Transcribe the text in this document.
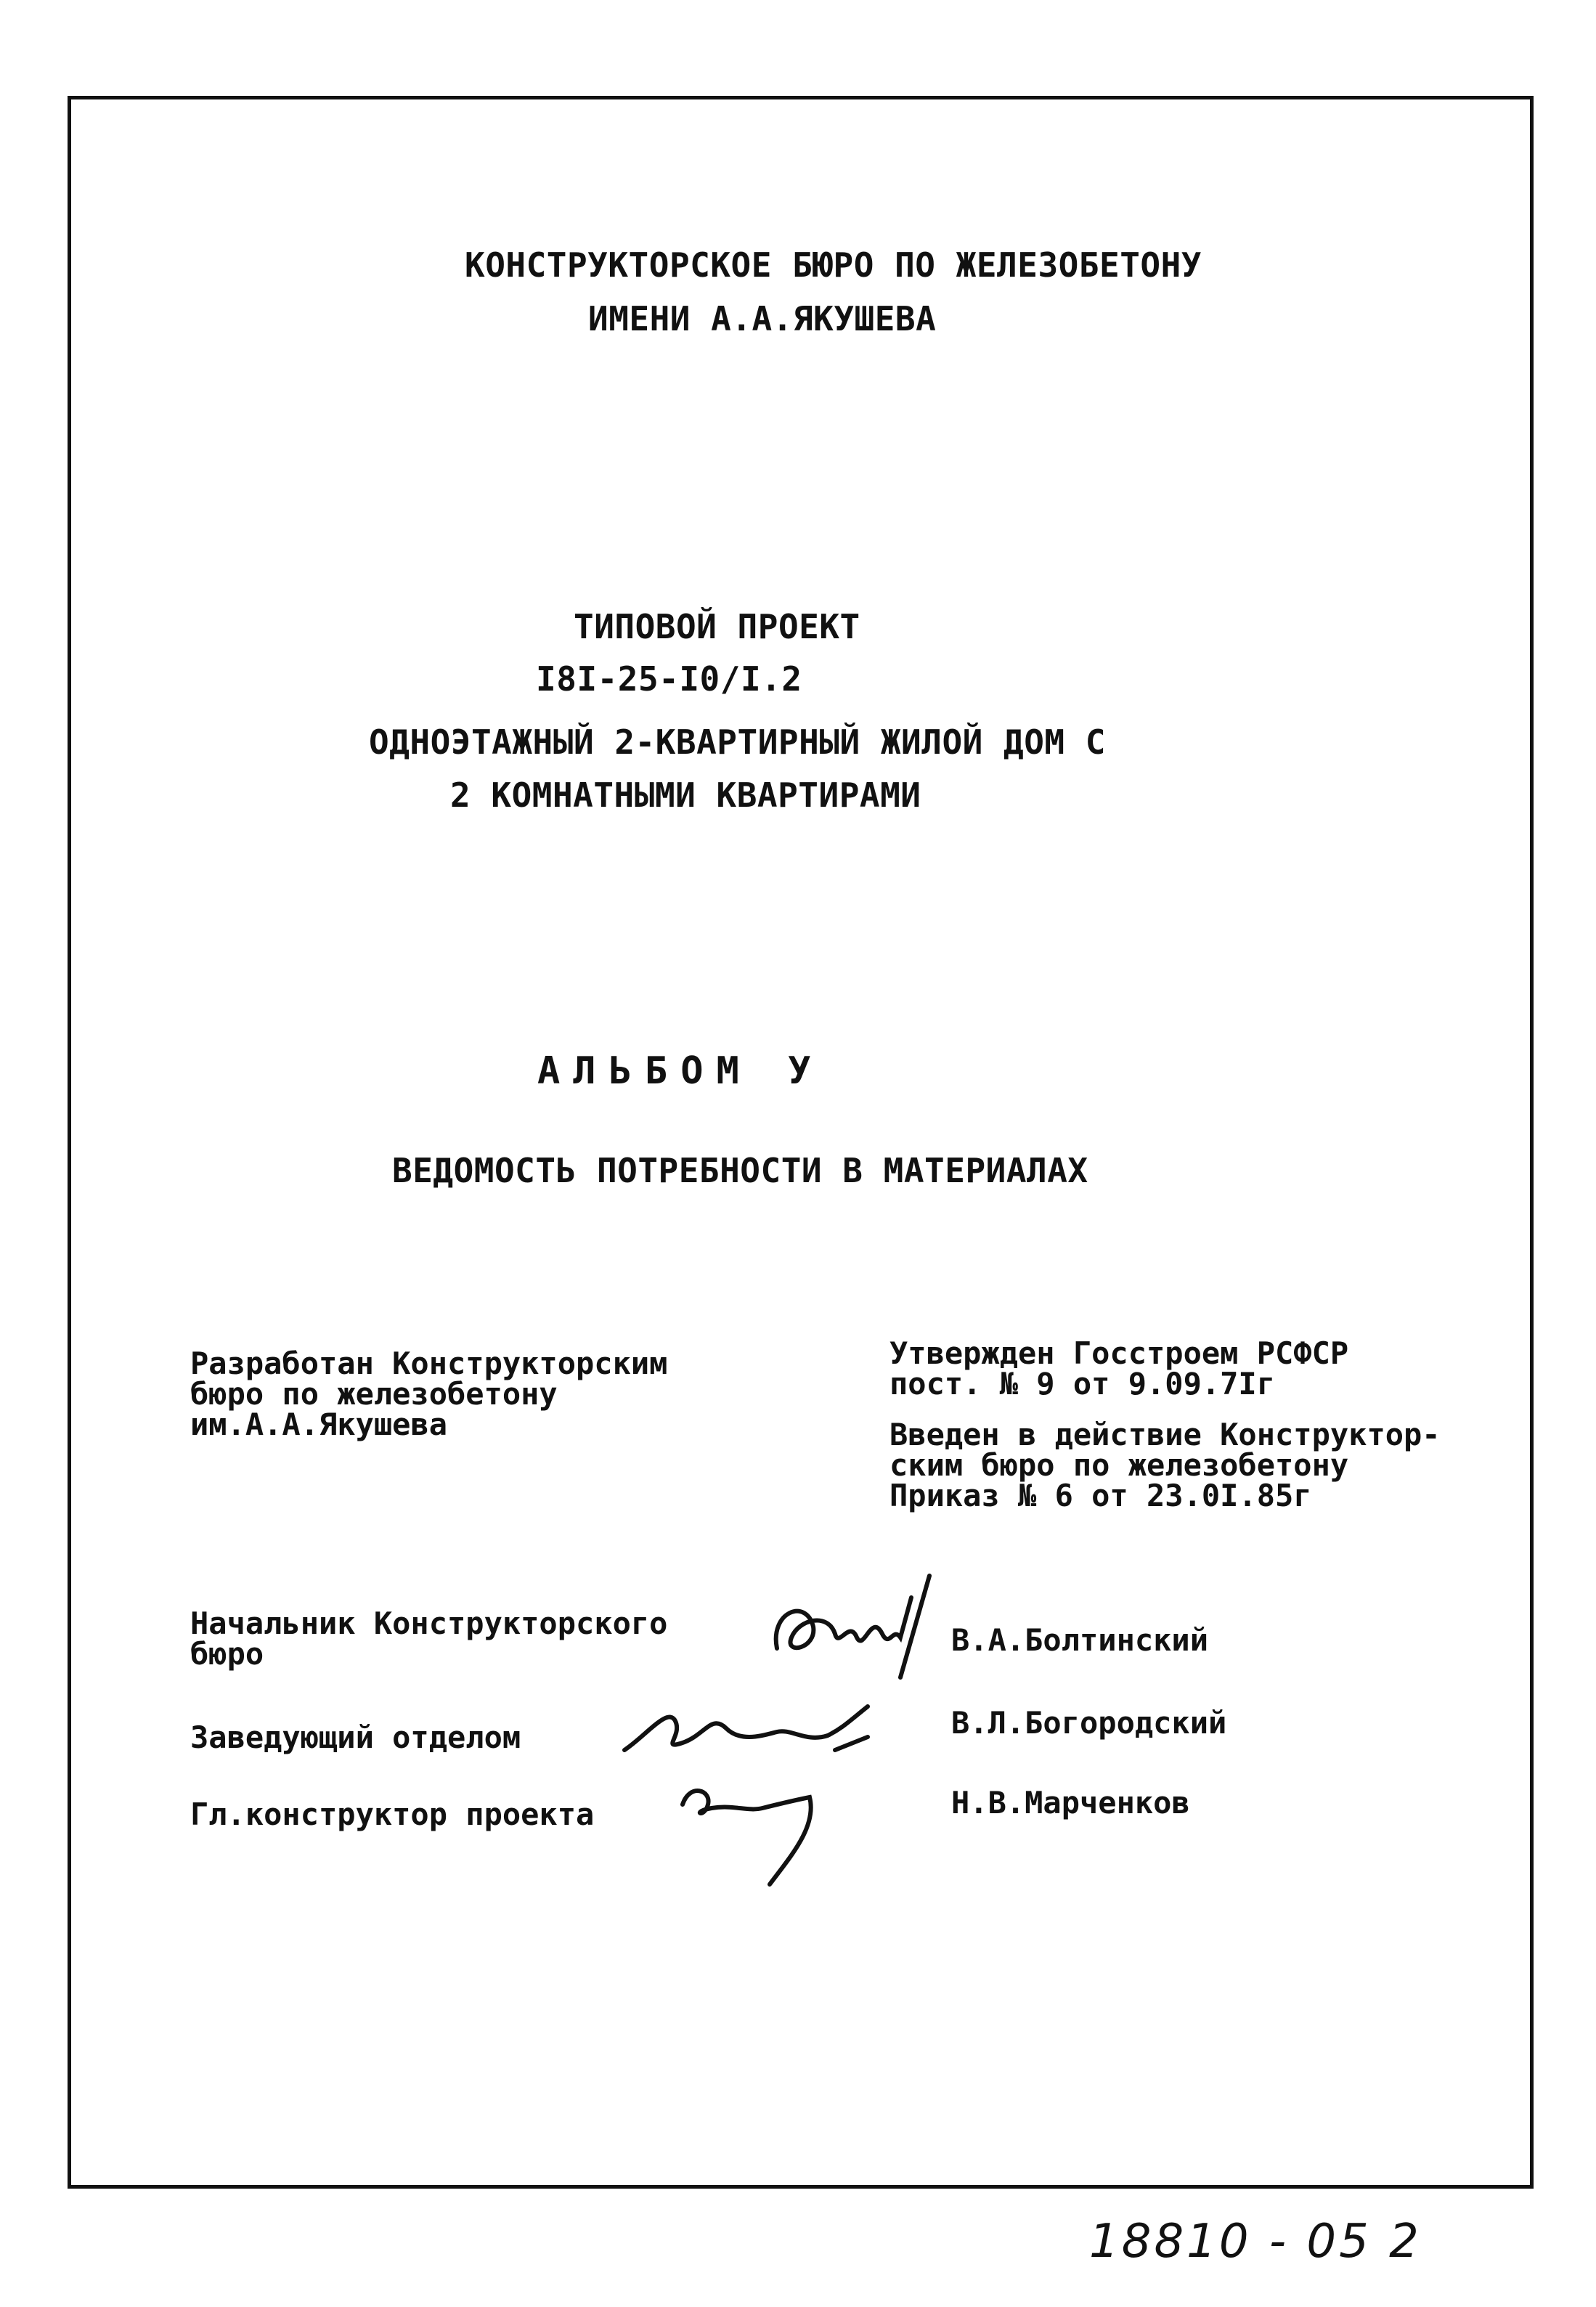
КОНСТРУКТОРСКОЕ БЮРО ПО ЖЕЛЕЗОБЕТОНУ
ИМЕНИ А.А.ЯКУШЕВА
ТИПОВОЙ ПРОЕКТ
I8I-25-I0/I.2
ОДНОЭТАЖНЫЙ 2-КВАРТИРНЫЙ ЖИЛОЙ ДОМ С
2 КОМНАТНЫМИ КВАРТИРАМИ
АЛЬБОМ У
ВЕДОМОСТЬ ПОТРЕБНОСТИ В МАТЕРИАЛАХ
Разработан Конструкторским
бюро по железобетону
им.А.А.Якушева
Утвержден Госстроем РСФСР
пост. № 9 от 9.09.7Iг
Введен в действие Конструктор-
ским бюро по железобетону
Приказ № 6 от 23.0I.85г
Начальник Конструкторского
бюро	В.А.Болтинский
Заведующий отделом	В.Л.Богородский
Гл.конструктор проекта	Н.В.Марченков
18810 - 05 2
